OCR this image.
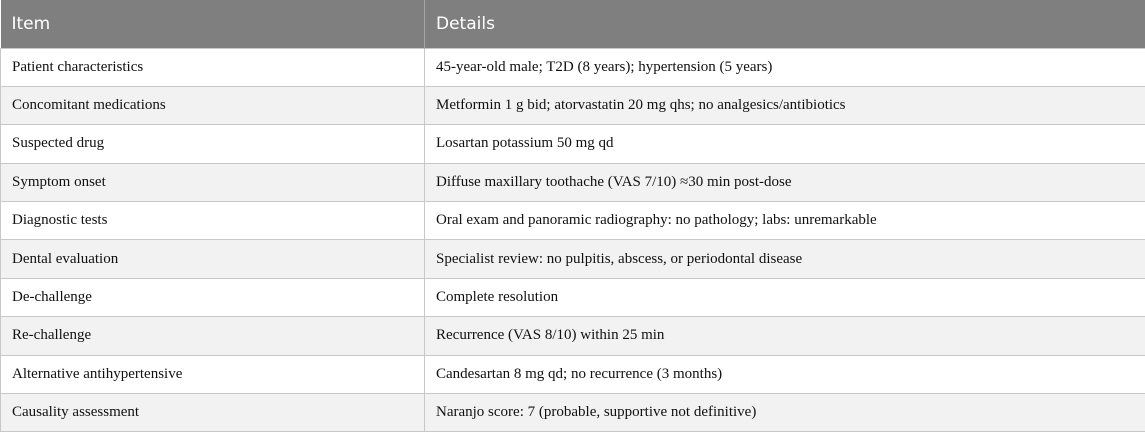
Item	Details
Patient characteristics	45-year-old male; T2D (8 years); hypertension (5 years)
Concomitant medications	Metformin 1 g bid; atorvastatin 20 mg qhs; no analgesics/antibiotics
Suspected drug	Losartan potassium 50 mg qd
Symptom onset	Diffuse maxillary toothache (VAS 7/10) ≈30 min post-dose
Diagnostic tests	Oral exam and panoramic radiography: no pathology; labs: unremarkable
Dental evaluation	Specialist review: no pulpitis, abscess, or periodontal disease
De-challenge	Complete resolution
Re-challenge	Recurrence (VAS 8/10) within 25 min
Alternative antihypertensive	Candesartan 8 mg qd; no recurrence (3 months)
Causality assessment	Naranjo score: 7 (probable, supportive not definitive)
